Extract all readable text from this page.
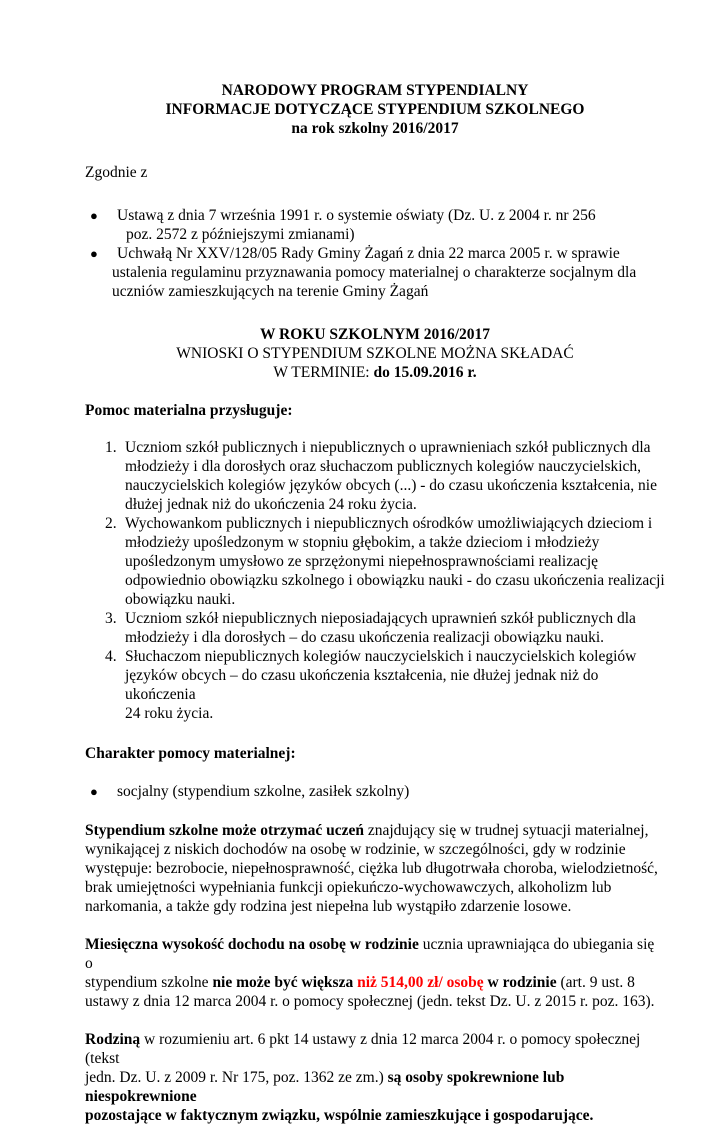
NARODOWY PROGRAM STYPENDIALNY
INFORMACJE DOTYCZĄCE STYPENDIUM SZKOLNEGO
na rok szkolny 2016/2017

Zgodnie z

● Ustawą z dnia 7 września 1991 r. o systemie oświaty (Dz. U. z 2004 r. nr 256
poz. 2572 z późniejszymi zmianami)
● Uchwałą Nr XXV/128/05 Rady Gminy Żagań z dnia 22 marca 2005 r. w sprawie
ustalenia regulaminu przyznawania pomocy materialnej o charakterze socjalnym dla
uczniów zamieszkujących na terenie Gminy Żagań
W ROKU SZKOLNYM 2016/2017
WNIOSKI O STYPENDIUM SZKOLNE MOŻNA SKŁADAĆ
W TERMINIE: do 15.09.2016 r.

Pomoc materialna przysługuje:

1. Uczniom szkół publicznych i niepublicznych o uprawnieniach szkół publicznych dla
młodzieży i dla dorosłych oraz słuchaczom publicznych kolegiów nauczycielskich,
nauczycielskich kolegiów języków obcych (...) - do czasu ukończenia kształcenia, nie
dłużej jednak niż do ukończenia 24 roku życia.
2. Wychowankom publicznych i niepublicznych ośrodków umożliwiających dzieciom i
młodzieży upośledzonym w stopniu głębokim, a także dzieciom i młodzieży
upośledzonym umysłowo ze sprzężonymi niepełnosprawnościami realizację
odpowiednio obowiązku szkolnego i obowiązku nauki - do czasu ukończenia realizacji
obowiązku nauki.
3. Uczniom szkół niepublicznych nieposiadających uprawnień szkół publicznych dla
młodzieży i dla dorosłych – do czasu ukończenia realizacji obowiązku nauki.
4. Słuchaczom niepublicznych kolegiów nauczycielskich i nauczycielskich kolegiów
języków obcych – do czasu ukończenia kształcenia, nie dłużej jednak niż do ukończenia
24 roku życia.

Charakter pomocy materialnej:

● socjalny (stypendium szkolne, zasiłek szkolny)
Stypendium szkolne może otrzymać uczeń znajdujący się w trudnej sytuacji materialnej,
wynikającej z niskich dochodów na osobę w rodzinie, w szczególności, gdy w rodzinie
występuje: bezrobocie, niepełnosprawność, ciężka lub długotrwała choroba, wielodzietność,
brak umiejętności wypełniania funkcji opiekuńczo-wychowawczych, alkoholizm lub
narkomania, a także gdy rodzina jest niepełna lub wystąpiło zdarzenie losowe.
Miesięczna wysokość dochodu na osobę w rodzinie ucznia uprawniająca do ubiegania się o
stypendium szkolne nie może być większa niż 514,00 zł/ osobę w rodzinie (art. 9 ust. 8
ustawy z dnia 12 marca 2004 r. o pomocy społecznej (jedn. tekst Dz. U. z 2015 r. poz. 163).
Rodziną w rozumieniu art. 6 pkt 14 ustawy z dnia 12 marca 2004 r. o pomocy społecznej (tekst
jedn. Dz. U. z 2009 r. Nr 175, poz. 1362 ze zm.) są osoby spokrewnione lub niespokrewnione
pozostające w faktycznym związku, wspólnie zamieszkujące i gospodarujące.
